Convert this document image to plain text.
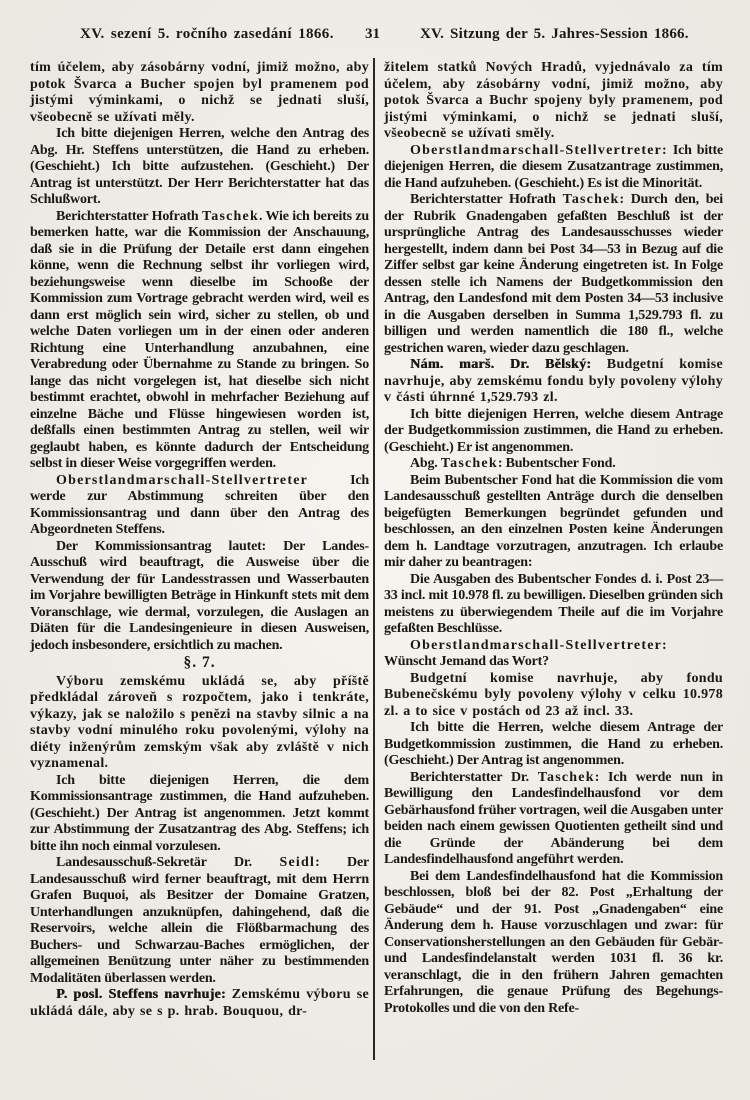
XV. sezení 5. ročního zasedání 1866. 31	XV. Sitzung der 5. Jahres-Session 1866.

tím účelem, aby zásobárny vodní, jimiž možno, aby potok Švarca a Bucher spojen byl pramenem pod jistými výminkami, o nichž se jednati sluší, všeobecně se užívati měly.

Ich bitte diejenigen Herren, welche den Antrag des Abg. Hr. Steffens unterstützen, die Hand zu erheben. (Geschieht.) Ich bitte aufzustehen. (Geschieht.) Der Antrag ist unterstützt. Der Herr Berichterstatter hat das Schlußwort.

Berichterstatter Hofrath Taschek. Wie ich bereits zu bemerken hatte, war die Kommission der Anschauung, daß sie in die Prüfung der Detaile erst dann eingehen könne, wenn die Rechnung selbst ihr vorliegen wird, beziehungsweise wenn dieselbe im Schooße der Kommission zum Vortrage gebracht werden wird, weil es dann erst möglich sein wird, sicher zu stellen, ob und welche Daten vorliegen um in der einen oder anderen Richtung eine Unterhandlung anzubahnen, eine Verabredung oder Übernahme zu Stande zu bringen. So lange das nicht vorgelegen ist, hat dieselbe sich nicht bestimmt erachtet, obwohl in mehrfacher Beziehung auf einzelne Bäche und Flüsse hingewiesen worden ist, deßfalls einen bestimmten Antrag zu stellen, weil wir geglaubt haben, es könnte dadurch der Entscheidung selbst in dieser Weise vorgegriffen werden.

Oberstlandmarschall-Stellvertreter Ich werde zur Abstimmung schreiten über den Kommissionsantrag und dann über den Antrag des Abgeordneten Steffens.

Der Kommissionsantrag lautet: Der Landes-Ausschuß wird beauftragt, die Ausweise über die Verwendung der für Landesstrassen und Wasserbauten im Vorjahre bewilligten Beträge in Hinkunft stets mit dem Voranschlage, wie dermal, vorzulegen, die Auslagen an Diäten für die Landesingenieure in diesen Ausweisen, jedoch insbesondere, ersichtlich zu machen.

§. 7.

Výboru zemskému ukládá se, aby příště předkládal zároveň s rozpočtem, jako i tenkráte, výkazy, jak se naložilo s penězi na stavby silnic a na stavby vodní minulého roku povolenými, výlohy na diéty inženýrům zemským však aby zvláště v nich vyznamenal.

Ich bitte diejenigen Herren, die dem Kommissionsantrage zustimmen, die Hand aufzuheben. (Geschieht.) Der Antrag ist angenommen. Jetzt kommt zur Abstimmung der Zusatzantrag des Abg. Steffens; ich bitte ihn noch einmal vorzulesen.

Landesausschuß-Sekretär Dr. Seidl: Der Landesausschuß wird ferner beauftragt, mit dem Herrn Grafen Buquoi, als Besitzer der Domaine Gratzen, Unterhandlungen anzuknüpfen, dahingehend, daß die Reservoirs, welche allein die Flößbarmachung des Buchers- und Schwarzau-Baches ermöglichen, der allgemeinen Benützung unter näher zu bestimmenden Modalitäten überlassen werden.

P. posl. Steffens navrhuje: Zemskému výboru se ukládá dále, aby se s p. hrab. Bouquou, dr-

žitelem statků Nových Hradů, vyjednávalo za tím účelem, aby zásobárny vodní, jimiž možno, aby potok Švarca a Buchr spojeny byly pramenem, pod jistými výminkami, o nichž se jednati sluší, všeobecně se užívati směly.

Oberstlandmarschall-Stellvertreter: Ich bitte diejenigen Herren, die diesem Zusatzantrage zustimmen, die Hand aufzuheben. (Geschieht.) Es ist die Minorität.

Berichterstatter Hofrath Taschek: Durch den, bei der Rubrik Gnadengaben gefaßten Beschluß ist der ursprüngliche Antrag des Landesausschusses wieder hergestellt, indem dann bei Post 34—53 in Bezug auf die Ziffer selbst gar keine Änderung eingetreten ist. In Folge dessen stelle ich Namens der Budgetkommission den Antrag, den Landesfond mit dem Posten 34—53 inclusive in die Ausgaben derselben in Summa 1,529.793 fl. zu billigen und werden namentlich die 180 fl., welche gestrichen waren, wieder dazu geschlagen.

Nám. marš. Dr. Bělský: Budgetní komise navrhuje, aby zemskému fondu byly povoleny výlohy v části úhrnné 1,529.793 zl.

Ich bitte diejenigen Herren, welche diesem Antrage der Budgetkommission zustimmen, die Hand zu erheben. (Geschieht.) Er ist angenommen.

Abg. Taschek: Bubentscher Fond.

Beim Bubentscher Fond hat die Kommission die vom Landesausschuß gestellten Anträge durch die denselben beigefügten Bemerkungen begründet gefunden und beschlossen, an den einzelnen Posten keine Änderungen dem h. Landtage vorzutragen, anzutragen. Ich erlaube mir daher zu beantragen:

Die Ausgaben des Bubentscher Fondes d. i. Post 23—33 incl. mit 10.978 fl. zu bewilligen. Dieselben gründen sich meistens zu überwiegendem Theile auf die im Vorjahre gefaßten Beschlüsse.

Oberstlandmarschall-Stellvertreter: Wünscht Jemand das Wort?

Budgetní komise navrhuje, aby fondu Bubenečskému byly povoleny výlohy v celku 10.978 zl. a to sice v postách od 23 až incl. 33.

Ich bitte die Herren, welche diesem Antrage der Budgetkommission zustimmen, die Hand zu erheben. (Geschieht.) Der Antrag ist angenommen.

Berichterstatter Dr. Taschek: Ich werde nun in Bewilligung den Landesfindelhausfond vor dem Gebärhausfond früher vortragen, weil die Ausgaben unter beiden nach einem gewissen Quotienten getheilt sind und die Gründe der Abänderung bei dem Landesfindelhausfond angeführt werden.

Bei dem Landesfindelhausfond hat die Kommission beschlossen, bloß bei der 82. Post „Erhaltung der Gebäude“ und der 91. Post „Gnadengaben“ eine Änderung dem h. Hause vorzuschlagen und zwar: für Conservationsherstellungen an den Gebäuden für Gebär- und Landesfindelanstalt werden 1031 fl. 36 kr. veranschlagt, die in den frühern Jahren gemachten Erfahrungen, die genaue Prüfung des Begehungs-Protokolles und die von den Refe-
